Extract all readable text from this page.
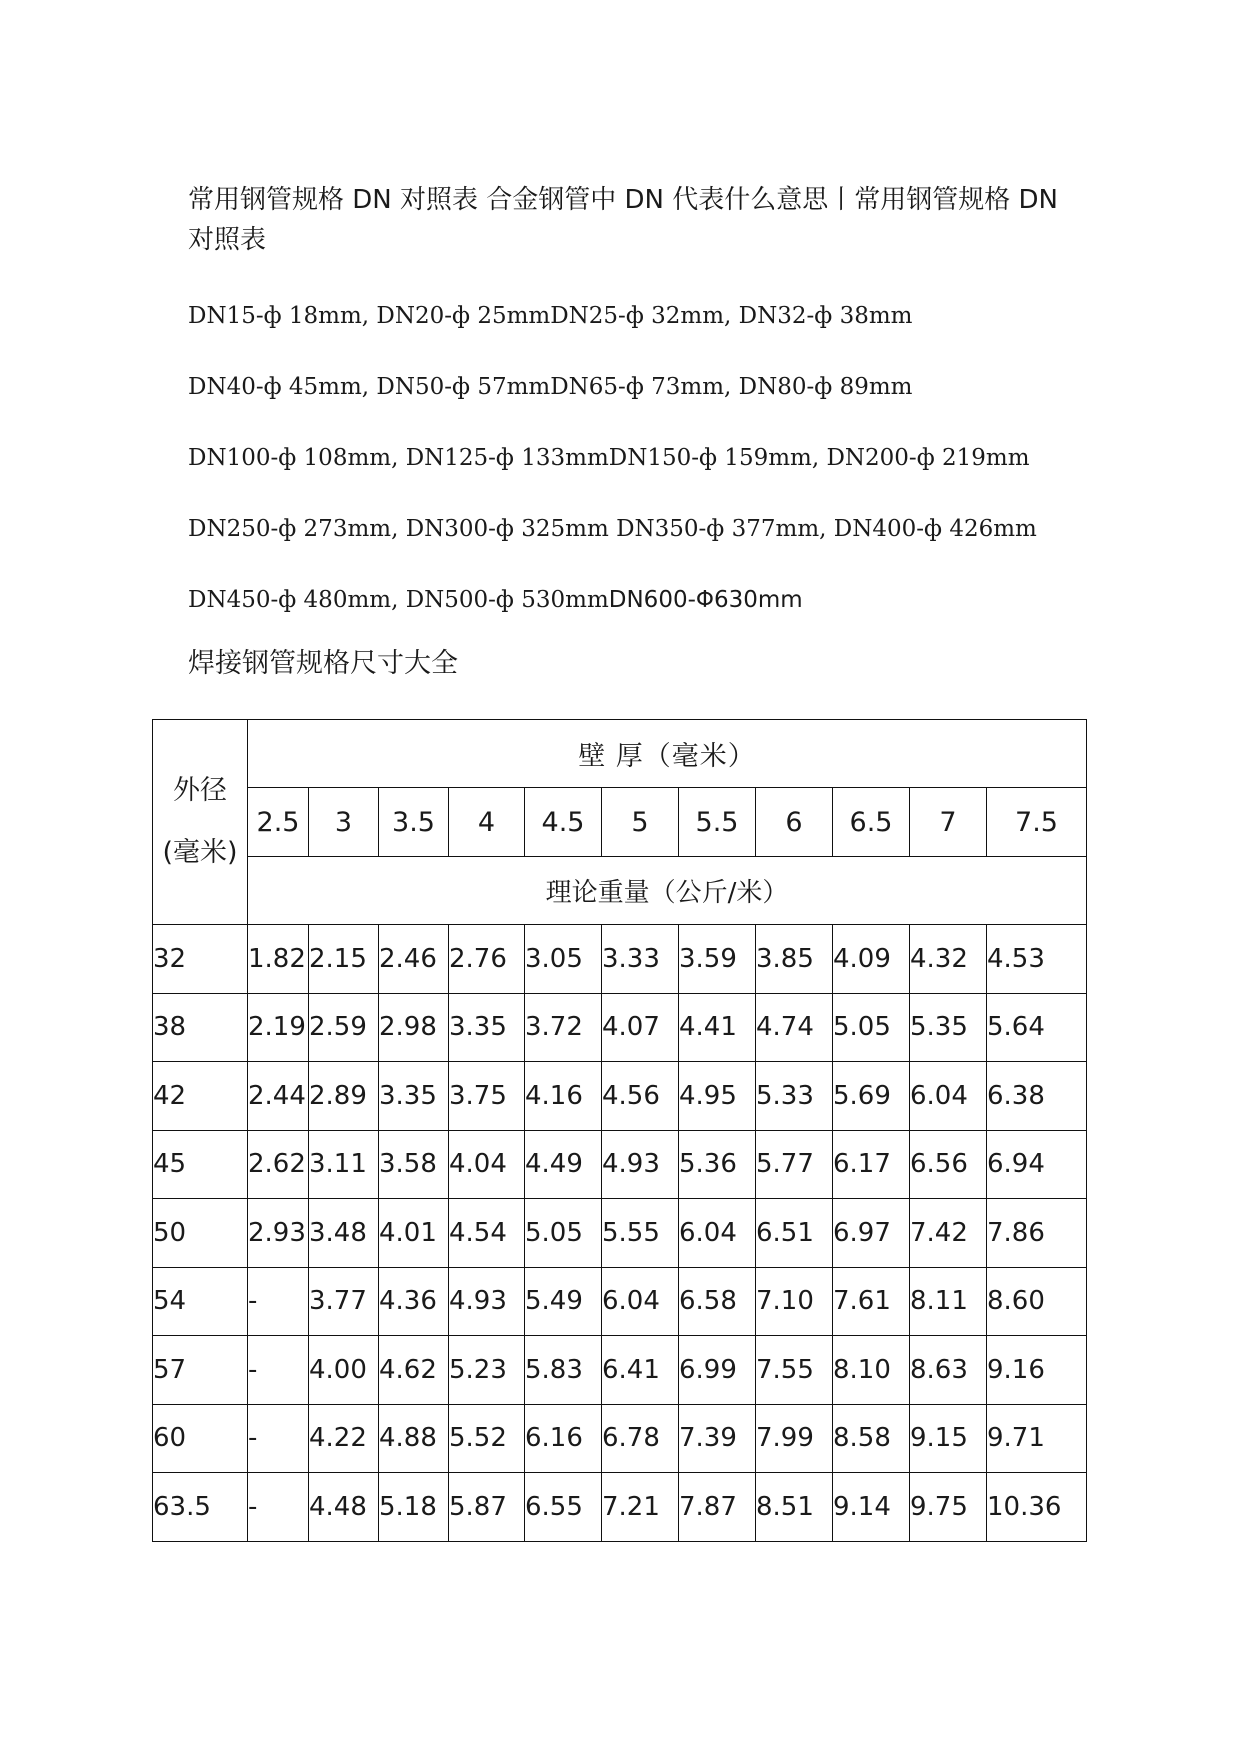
常用钢管规格 DN 对照表 合金钢管中 DN 代表什么意思丨常用钢管规格 DN 对照表

DN15-ф 18mm, DN20-ф 25mmDN25-ф 32mm, DN32-ф 38mm

DN40-ф 45mm, DN50-ф 57mmDN65-ф 73mm, DN80-ф 89mm

DN100-ф 108mm, DN125-ф 133mmDN150-ф 159mm, DN200-ф 219mm

DN250-ф 273mm, DN300-ф 325mm DN350-ф 377mm, DN400-ф 426mm

DN450-ф 480mm, DN500-ф 530mmDN600-Φ630mm

焊接钢管规格尺寸大全
外径
(毫米)	壁 厚（毫米）										
	2.5	3	3.5	4	4.5	5	5.5	6	6.5	7	7.5
	理论重量（公斤/米）										
32	1.82	2.15	2.46	2.76	3.05	3.33	3.59	3.85	4.09	4.32	4.53
38	2.19	2.59	2.98	3.35	3.72	4.07	4.41	4.74	5.05	5.35	5.64
42	2.44	2.89	3.35	3.75	4.16	4.56	4.95	5.33	5.69	6.04	6.38
45	2.62	3.11	3.58	4.04	4.49	4.93	5.36	5.77	6.17	6.56	6.94
50	2.93	3.48	4.01	4.54	5.05	5.55	6.04	6.51	6.97	7.42	7.86
54	-	3.77	4.36	4.93	5.49	6.04	6.58	7.10	7.61	8.11	8.60
57	-	4.00	4.62	5.23	5.83	6.41	6.99	7.55	8.10	8.63	9.16
60	-	4.22	4.88	5.52	6.16	6.78	7.39	7.99	8.58	9.15	9.71
63.5	-	4.48	5.18	5.87	6.55	7.21	7.87	8.51	9.14	9.75	10.36
